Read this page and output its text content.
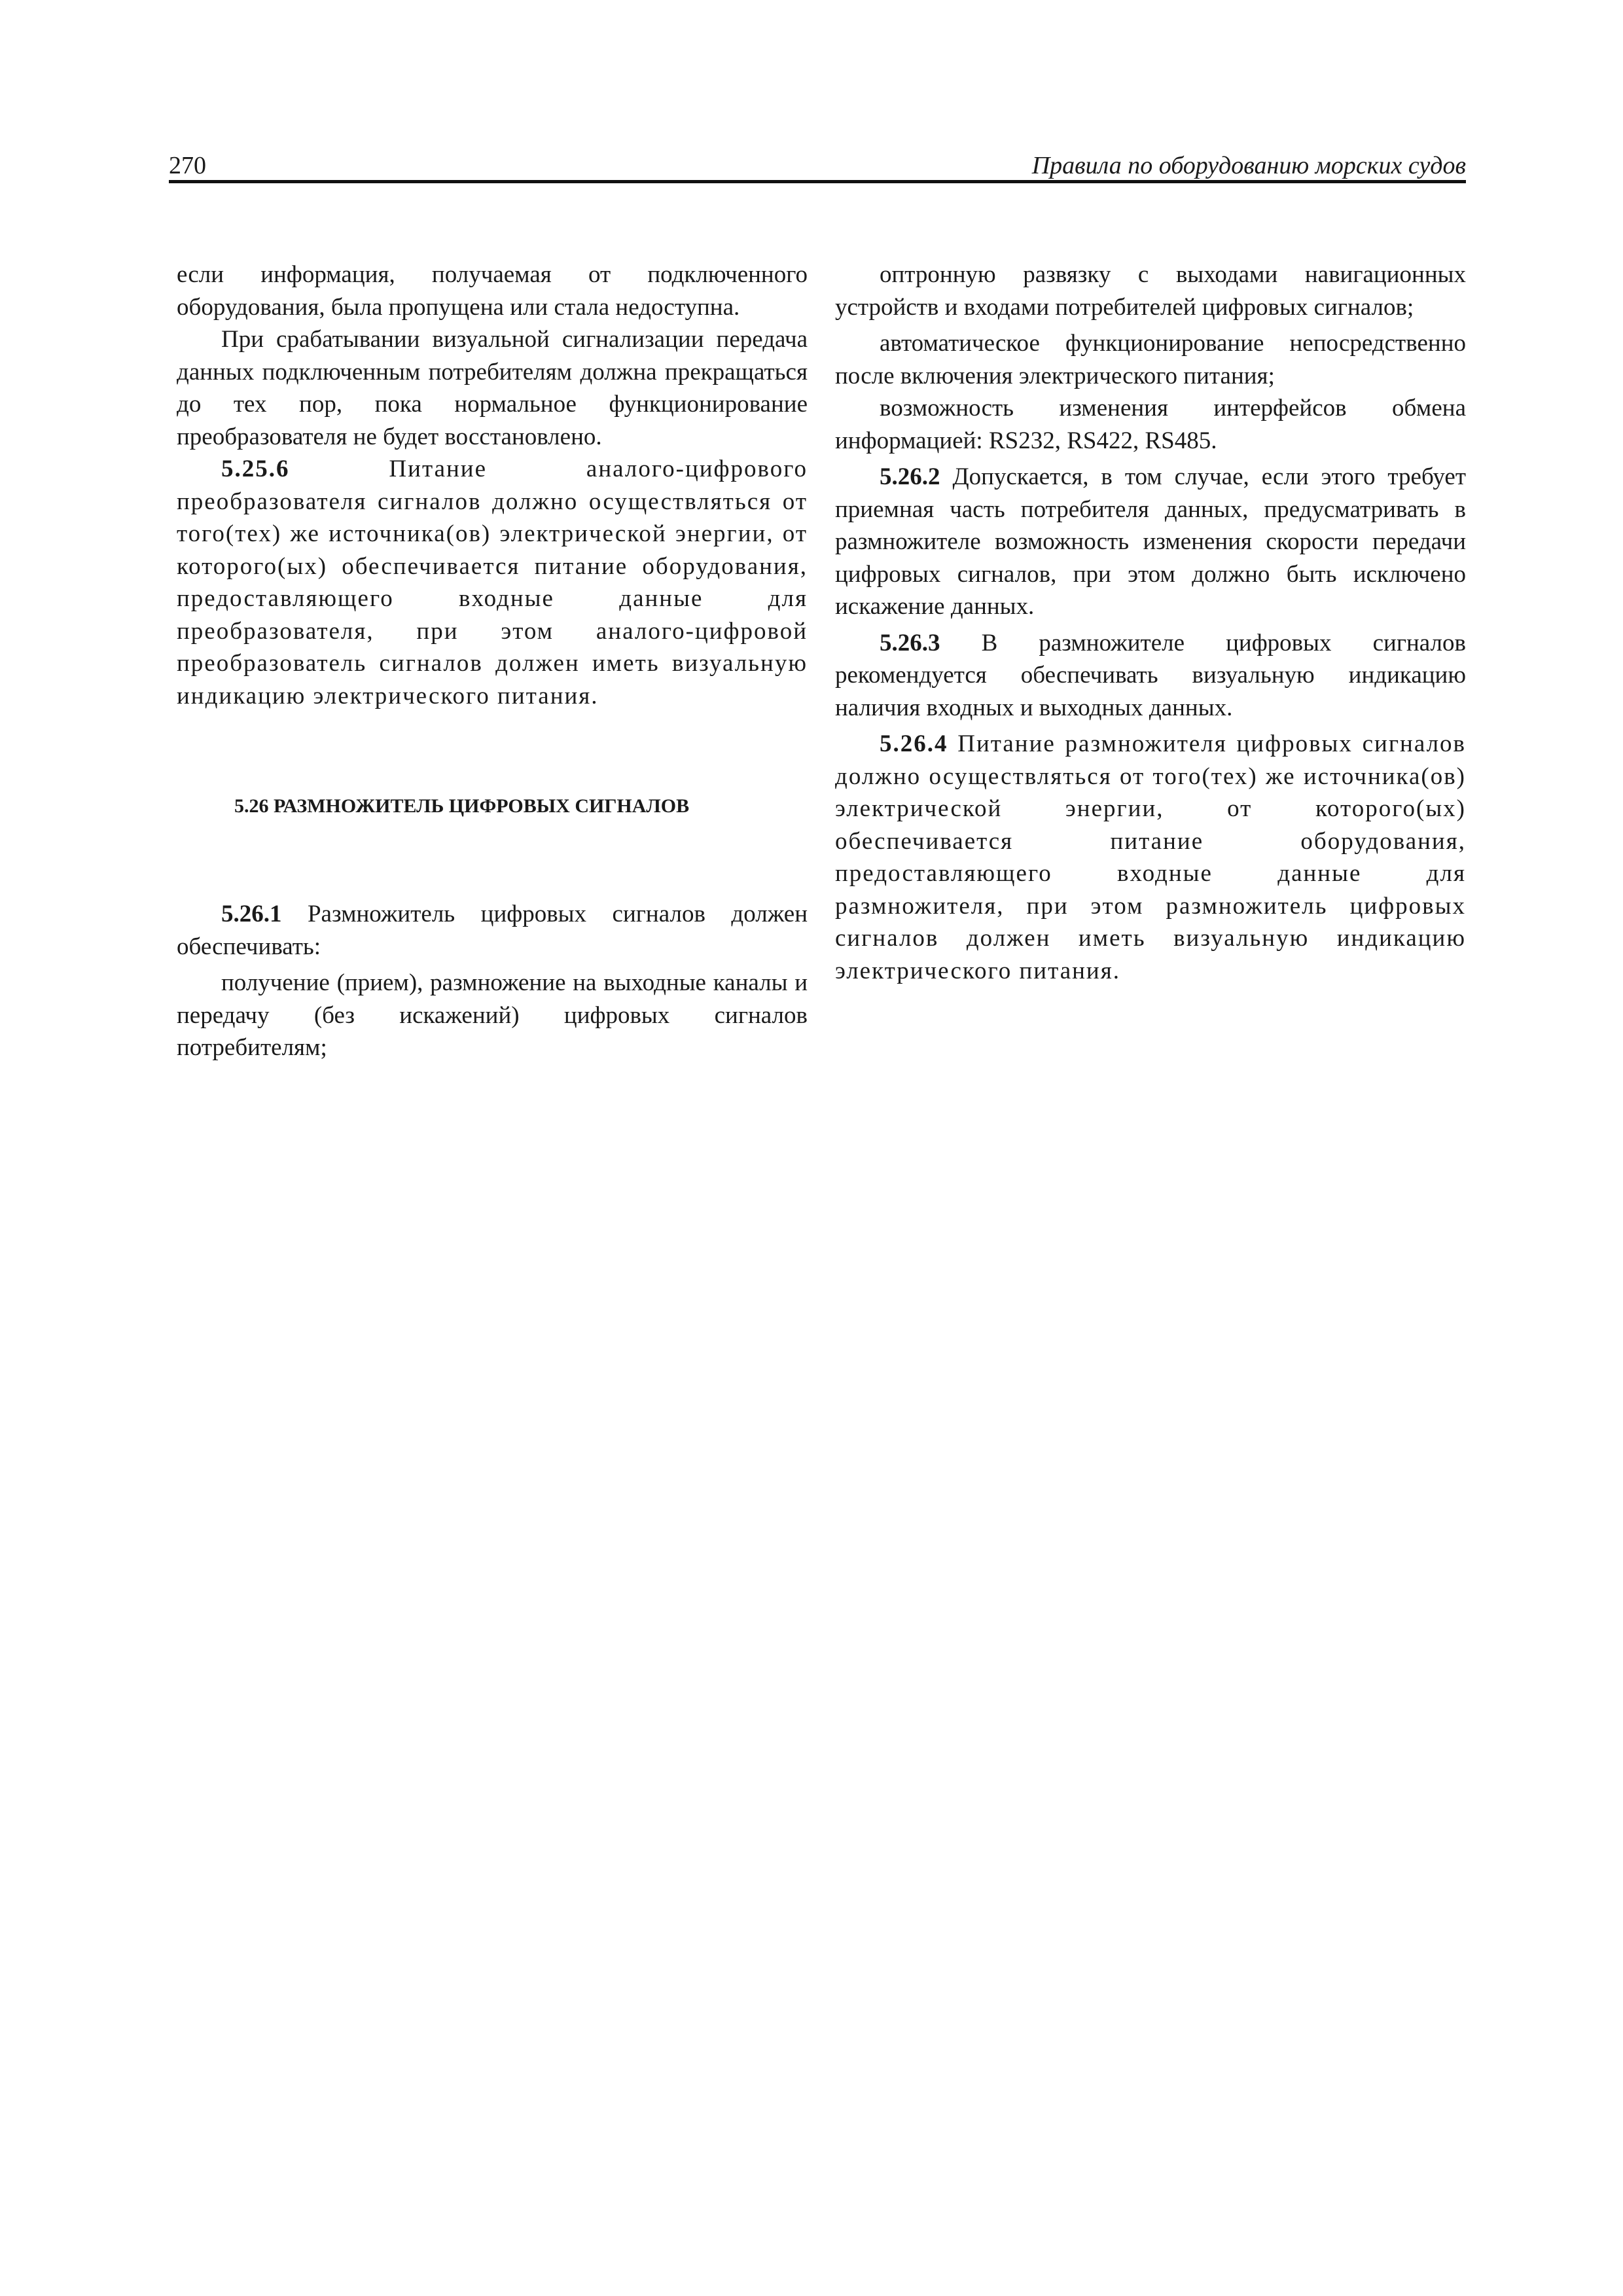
270	Правила по оборудованию морских судов

если информация, получаемая от подключенного оборудования, была пропущена или стала недоступна.

При срабатывании визуальной сигнализации передача данных подключенным потребителям должна прекращаться до тех пор, пока нормальное функционирование преобразователя не будет восстановлено.

5.25.6 Питание аналого-цифрового преобразователя сигналов должно осуществляться от того(тех) же источника(ов) электрической энергии, от которого(ых) обеспечивается питание оборудования, предоставляющего входные данные для преобразователя, при этом аналого-цифровой преобразователь сигналов должен иметь визуальную индикацию электрического питания.

5.26 РАЗМНОЖИТЕЛЬ ЦИФРОВЫХ СИГНАЛОВ

5.26.1 Размножитель цифровых сигналов должен обеспечивать:

получение (прием), размножение на выходные каналы и передачу (без искажений) цифровых сигналов потребителям;

оптронную развязку с выходами навигационных устройств и входами потребителей цифровых сигналов;

автоматическое функционирование непосредственно после включения электрического питания;

возможность изменения интерфейсов обмена информацией: RS232, RS422, RS485.

5.26.2 Допускается, в том случае, если этого требует приемная часть потребителя данных, предусматривать в размножителе возможность изменения скорости передачи цифровых сигналов, при этом должно быть исключено искажение данных.

5.26.3 В размножителе цифровых сигналов рекомендуется обеспечивать визуальную индикацию наличия входных и выходных данных.

5.26.4 Питание размножителя цифровых сигналов должно осуществляться от того(тех) же источника(ов) электрической энергии, от которого(ых) обеспечивается питание оборудования, предоставляющего входные данные для размножителя, при этом размножитель цифровых сигналов должен иметь визуальную индикацию электрического питания.
